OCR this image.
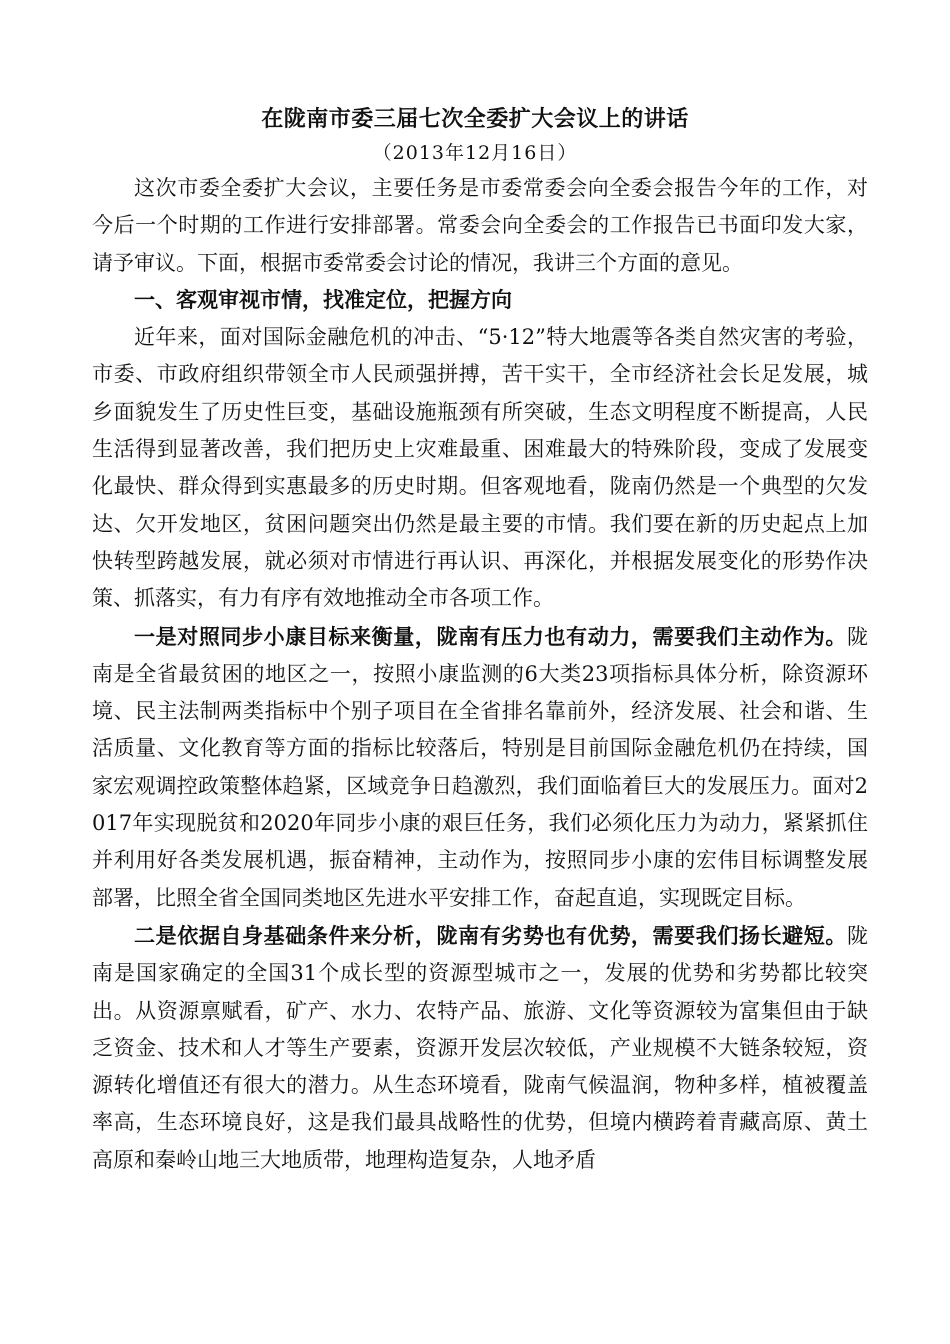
在陇南市委三届七次全委扩大会议上的讲话
（2013年12月16日）

这次市委全委扩大会议，主要任务是市委常委会向全委会报告今年的工作，对今后一个时期的工作进行安排部署。常委会向全委会的工作报告已书面印发大家，请予审议。下面，根据市委常委会讨论的情况，我讲三个方面的意见。

一、客观审视市情，找准定位，把握方向

近年来，面对国际金融危机的冲击、“5·12”特大地震等各类自然灾害的考验，市委、市政府组织带领全市人民顽强拼搏，苦干实干，全市经济社会长足发展，城乡面貌发生了历史性巨变，基础设施瓶颈有所突破，生态文明程度不断提高，人民生活得到显著改善，我们把历史上灾难最重、困难最大的特殊阶段，变成了发展变化最快、群众得到实惠最多的历史时期。但客观地看，陇南仍然是一个典型的欠发达、欠开发地区，贫困问题突出仍然是最主要的市情。我们要在新的历史起点上加快转型跨越发展，就必须对市情进行再认识、再深化，并根据发展变化的形势作决策、抓落实，有力有序有效地推动全市各项工作。

一是对照同步小康目标来衡量，陇南有压力也有动力，需要我们主动作为。陇南是全省最贫困的地区之一，按照小康监测的6大类23项指标具体分析，除资源环境、民主法制两类指标中个别子项目在全省排名靠前外，经济发展、社会和谐、生活质量、文化教育等方面的指标比较落后，特别是目前国际金融危机仍在持续，国家宏观调控政策整体趋紧，区域竞争日趋激烈，我们面临着巨大的发展压力。面对2017年实现脱贫和2020年同步小康的艰巨任务，我们必须化压力为动力，紧紧抓住并利用好各类发展机遇，振奋精神，主动作为，按照同步小康的宏伟目标调整发展部署，比照全省全国同类地区先进水平安排工作，奋起直追，实现既定目标。

二是依据自身基础条件来分析，陇南有劣势也有优势，需要我们扬长避短。陇南是国家确定的全国31个成长型的资源型城市之一，发展的优势和劣势都比较突出。从资源禀赋看，矿产、水力、农特产品、旅游、文化等资源较为富集但由于缺乏资金、技术和人才等生产要素，资源开发层次较低，产业规模不大链条较短，资源转化增值还有很大的潜力。从生态环境看，陇南气候温润，物种多样，植被覆盖率高，生态环境良好，这是我们最具战略性的优势，但境内横跨着青藏高原、黄土高原和秦岭山地三大地质带，地理构造复杂，人地矛盾
